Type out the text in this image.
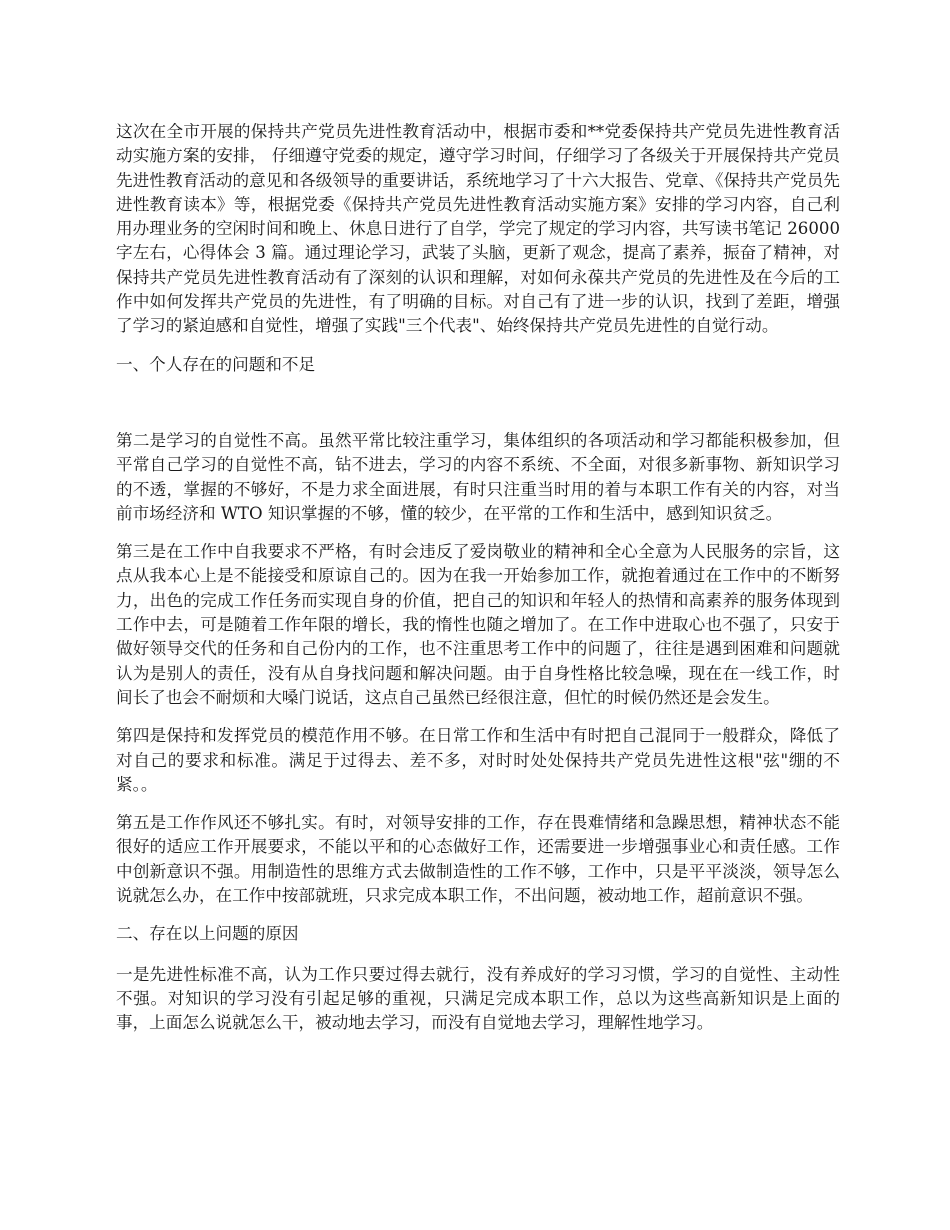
这次在全市开展的保持共产党员先进性教育活动中，根据市委和**党委保持共产党员先进性教育活动实施方案的安排， 仔细遵守党委的规定，遵守学习时间，仔细学习了各级关于开展保持共产党员先进性教育活动的意见和各级领导的重要讲话，系统地学习了十六大报告、党章、《保持共产党员先进性教育读本》等，根据党委《保持共产党员先进性教育活动实施方案》安排的学习内容，自己利用办理业务的空闲时间和晚上、休息日进行了自学，学完了规定的学习内容，共写读书笔记 26000 字左右，心得体会 3 篇。通过理论学习，武装了头脑，更新了观念，提高了素养，振奋了精神，对保持共产党员先进性教育活动有了深刻的认识和理解，对如何永葆共产党员的先进性及在今后的工作中如何发挥共产党员的先进性，有了明确的目标。对自己有了进一步的认识，找到了差距，增强了学习的紧迫感和自觉性，增强了实践"三个代表"、始终保持共产党员先进性的自觉行动。

一、个人存在的问题和不足

第二是学习的自觉性不高。虽然平常比较注重学习，集体组织的各项活动和学习都能积极参加，但平常自己学习的自觉性不高，钻不进去，学习的内容不系统、不全面，对很多新事物、新知识学习的不透，掌握的不够好，不是力求全面进展，有时只注重当时用的着与本职工作有关的内容，对当前市场经济和 WTO 知识掌握的不够，懂的较少，在平常的工作和生活中，感到知识贫乏。

第三是在工作中自我要求不严格，有时会违反了爱岗敬业的精神和全心全意为人民服务的宗旨，这点从我本心上是不能接受和原谅自己的。因为在我一开始参加工作，就抱着通过在工作中的不断努力，出色的完成工作任务而实现自身的价值，把自己的知识和年轻人的热情和高素养的服务体现到工作中去，可是随着工作年限的增长，我的惰性也随之增加了。在工作中进取心也不强了，只安于做好领导交代的任务和自己份内的工作，也不注重思考工作中的问题了，往往是遇到困难和问题就认为是别人的责任，没有从自身找问题和解决问题。由于自身性格比较急噪，现在在一线工作，时间长了也会不耐烦和大嗓门说话，这点自己虽然已经很注意，但忙的时候仍然还是会发生。

第四是保持和发挥党员的模范作用不够。在日常工作和生活中有时把自己混同于一般群众，降低了对自己的要求和标准。满足于过得去、差不多，对时时处处保持共产党员先进性这根"弦"绷的不紧。。

第五是工作作风还不够扎实。有时，对领导安排的工作，存在畏难情绪和急躁思想，精神状态不能很好的适应工作开展要求，不能以平和的心态做好工作，还需要进一步增强事业心和责任感。工作中创新意识不强。用制造性的思维方式去做制造性的工作不够，工作中，只是平平淡淡，领导怎么说就怎么办，在工作中按部就班，只求完成本职工作，不出问题，被动地工作，超前意识不强。

二、存在以上问题的原因

一是先进性标准不高，认为工作只要过得去就行，没有养成好的学习习惯，学习的自觉性、主动性不强。对知识的学习没有引起足够的重视，只满足完成本职工作，总以为这些高新知识是上面的事，上面怎么说就怎么干，被动地去学习，而没有自觉地去学习，理解性地学习。
